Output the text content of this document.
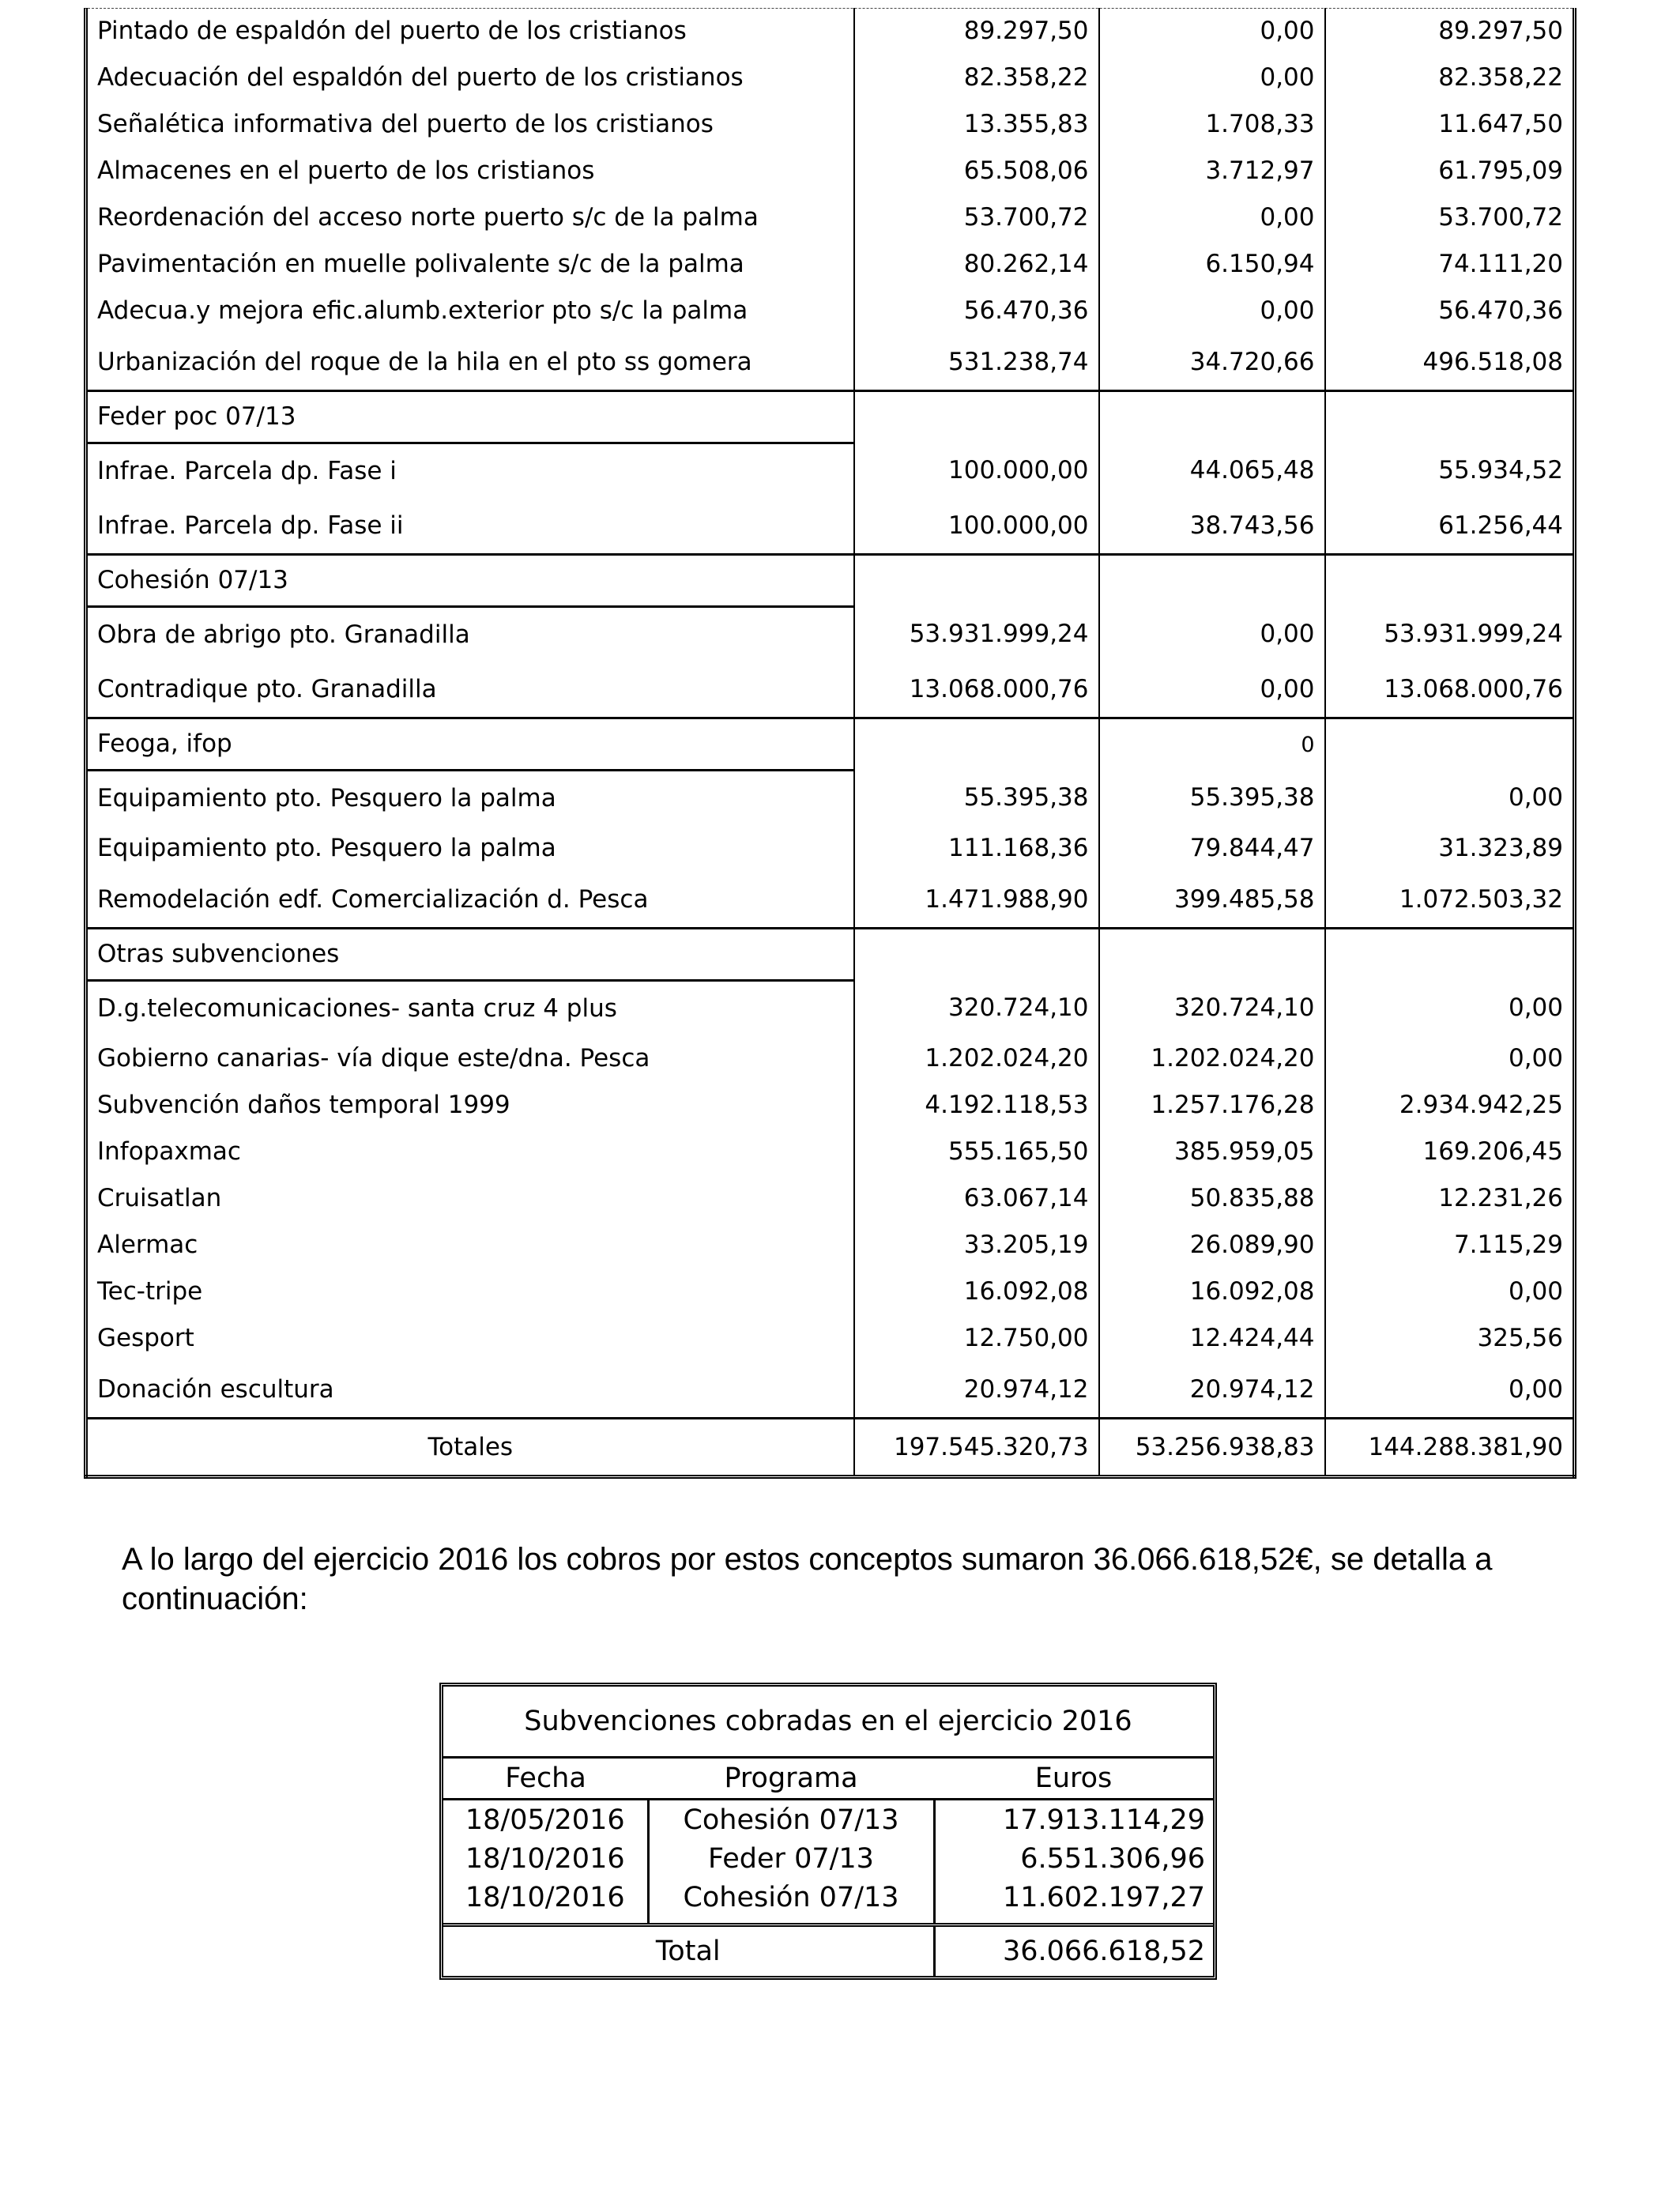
Pintado de espaldón del puerto de los cristianos	89.297,50	0,00	89.297,50
Adecuación del espaldón del puerto de los cristianos	82.358,22	0,00	82.358,22
Señalética informativa del puerto de los cristianos	13.355,83	1.708,33	11.647,50
Almacenes en el puerto de los cristianos	65.508,06	3.712,97	61.795,09
Reordenación del acceso norte puerto s/c de la palma	53.700,72	0,00	53.700,72
Pavimentación en muelle polivalente s/c de la palma	80.262,14	6.150,94	74.111,20
Adecua.y mejora efic.alumb.exterior pto s/c la palma	56.470,36	0,00	56.470,36
Urbanización del roque de la hila en el pto ss gomera	531.238,74	34.720,66	496.518,08
Feder poc 07/13			
Infrae. Parcela dp. Fase i	100.000,00	44.065,48	55.934,52
Infrae. Parcela dp. Fase ii	100.000,00	38.743,56	61.256,44
Cohesión 07/13			
Obra de abrigo pto. Granadilla	53.931.999,24	0,00	53.931.999,24
Contradique pto. Granadilla	13.068.000,76	0,00	13.068.000,76
Feoga, ifop		0	
Equipamiento pto. Pesquero la palma	55.395,38	55.395,38	0,00
Equipamiento pto. Pesquero la palma	111.168,36	79.844,47	31.323,89
Remodelación edf. Comercialización d. Pesca	1.471.988,90	399.485,58	1.072.503,32
Otras subvenciones			
D.g.telecomunicaciones- santa cruz 4 plus	320.724,10	320.724,10	0,00
Gobierno canarias- vía dique este/dna. Pesca	1.202.024,20	1.202.024,20	0,00
Subvención daños temporal 1999	4.192.118,53	1.257.176,28	2.934.942,25
Infopaxmac	555.165,50	385.959,05	169.206,45
Cruisatlan	63.067,14	50.835,88	12.231,26
Alermac	33.205,19	26.089,90	7.115,29
Tec-tripe	16.092,08	16.092,08	0,00
Gesport	12.750,00	12.424,44	325,56
Donación escultura	20.974,12	20.974,12	0,00
Totales	197.545.320,73	53.256.938,83	144.288.381,90

A lo largo del ejercicio 2016 los cobros por estos conceptos sumaron 36.066.618,52€, se detalla a continuación:

Subvenciones cobradas en el ejercicio 2016		
Fecha	Programa	Euros
18/05/2016	Cohesión 07/13	17.913.114,29
18/10/2016	Feder 07/13	6.551.306,96
18/10/2016	Cohesión 07/13	11.602.197,27
Total		36.066.618,52
